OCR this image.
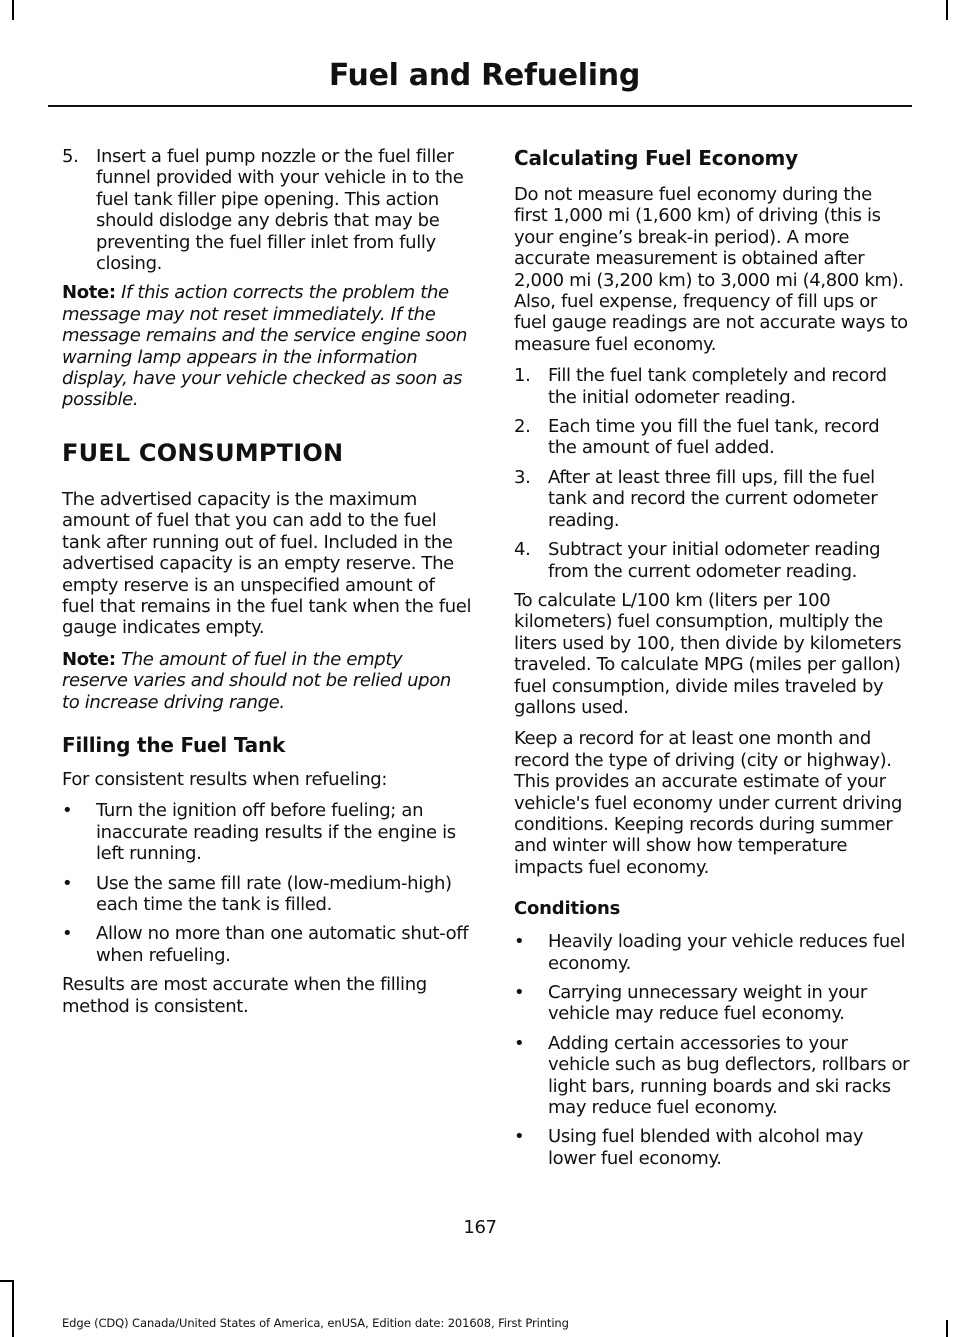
Fuel and Refueling
5. Insert a fuel pump nozzle or the fuel filler funnel provided with your vehicle in to the fuel tank filler pipe opening. This action should dislodge any debris that may be preventing the fuel filler inlet from fully closing.

Note: If this action corrects the problem the message may not reset immediately. If the message remains and the service engine soon warning lamp appears in the information display, have your vehicle checked as soon as possible.

FUEL CONSUMPTION

The advertised capacity is the maximum amount of fuel that you can add to the fuel tank after running out of fuel. Included in the advertised capacity is an empty reserve. The empty reserve is an unspecified amount of fuel that remains in the fuel tank when the fuel gauge indicates empty.

Note: The amount of fuel in the empty reserve varies and should not be relied upon to increase driving range.

Filling the Fuel Tank

For consistent results when refueling:

• Turn the ignition off before fueling; an inaccurate reading results if the engine is left running.
• Use the same fill rate (low-medium-high) each time the tank is filled.
• Allow no more than one automatic shut-off when refueling.

Results are most accurate when the filling method is consistent.

Calculating Fuel Economy

Do not measure fuel economy during the first 1,000 mi (1,600 km) of driving (this is your engine’s break-in period). A more accurate measurement is obtained after 2,000 mi (3,200 km) to 3,000 mi (4,800 km). Also, fuel expense, frequency of fill ups or fuel gauge readings are not accurate ways to measure fuel economy.

1. Fill the fuel tank completely and record the initial odometer reading.
2. Each time you fill the fuel tank, record the amount of fuel added.
3. After at least three fill ups, fill the fuel tank and record the current odometer reading.
4. Subtract your initial odometer reading from the current odometer reading.

To calculate L/100 km (liters per 100 kilometers) fuel consumption, multiply the liters used by 100, then divide by kilometers traveled. To calculate MPG (miles per gallon) fuel consumption, divide miles traveled by gallons used.

Keep a record for at least one month and record the type of driving (city or highway). This provides an accurate estimate of your vehicle's fuel economy under current driving conditions. Keeping records during summer and winter will show how temperature impacts fuel economy.

Conditions
• Heavily loading your vehicle reduces fuel economy.
• Carrying unnecessary weight in your vehicle may reduce fuel economy.
• Adding certain accessories to your vehicle such as bug deflectors, rollbars or light bars, running boards and ski racks may reduce fuel economy.
• Using fuel blended with alcohol may lower fuel economy.

167

Edge (CDQ) Canada/United States of America, enUSA, Edition date: 201608, First Printing
